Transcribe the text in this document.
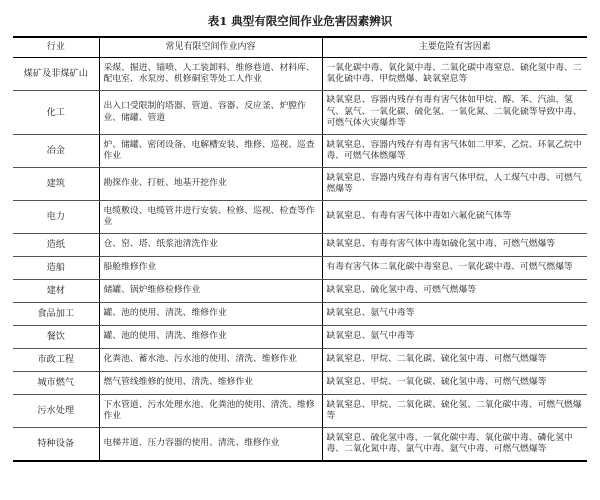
表1 典型有限空间作业危害因素辨识
行业	常见有限空间作业内容	主要危险有害因素
煤矿及非煤矿山	采煤、掘进、锚喷、人工装卸料、维修巷道、材料库、配电室、水泵房、机修硐室等处工人作业	一氧化碳中毒、氧化氮中毒、二氧化碳中毒窒息、硫化氢中毒、二氧化硫中毒、甲烷燃爆、缺氧窒息等
化工	出入口受限制的塔器、管道、容器、反应釜、炉膛作业、储罐、管道	缺氧窒息、容器内残存有毒有害气体如甲烷、醇、苯、汽油、氢气、氯气、一氧化碳、硫化氢、一氧化氮、二氧化硫等导致中毒、可燃气体火灾爆炸等
冶金	炉、储罐、密闭设备、电解槽安装、维修、巡视、巡查作业	缺氧窒息、容器内残存有毒有害气体如二甲苯、乙烷、环氧乙烷中毒、可燃气体燃爆等
建筑	勘探作业、打桩、地基开挖作业	缺氧窒息、容器内残存有毒有害气体甲烷，人工煤气中毒、可燃气燃爆等
电力	电缆敷设、电缆管井进行安装、检修、巡视、检查等作业	缺氧窒息、有毒有害气体中毒如六氟化硫气体等
造纸	仓、窑、塔、纸浆池清洗作业	缺氧窒息、有毒有害气体中毒如硫化氢中毒、可燃气燃爆等
造船	船舱维修作业	有毒有害气体二氧化碳中毒窒息、一氧化碳中毒、可燃气燃爆等
建材	储罐、锅炉维修检修作业	缺氧窒息、硫化氢中毒、可燃气燃爆等
食品加工	罐、池的使用、清洗、维修作业	缺氧窒息、氨气中毒等
餐饮	罐、池的使用、清洗、维修作业	缺氧窒息、氨气中毒等
市政工程	化粪池、蓄水池、污水池的使用、清洗、维修作业	缺氧窒息、甲烷、二氧化碳、硫化氢中毒、可燃气燃爆等
城市燃气	燃气管线维修的使用、清洗、维修作业	缺氧窒息、甲烷、一氧化碳、硫化氢中毒、可燃气燃爆等
污水处理	下水管道、污水处理水池、化粪池的使用、清洗、维修作业	缺氧窒息、甲烷、二氧化碳、硫化氢、二氧化碳中毒、可燃气燃爆等
特种设备	电梯井道、压力容器的使用、清洗、维修作业	缺氧窒息、硫化氢中毒、一氧化碳中毒、氧化碳中毒、磷化氢中毒、二氧化氮中毒、氯气中毒、氨气中毒、可燃气燃爆等
